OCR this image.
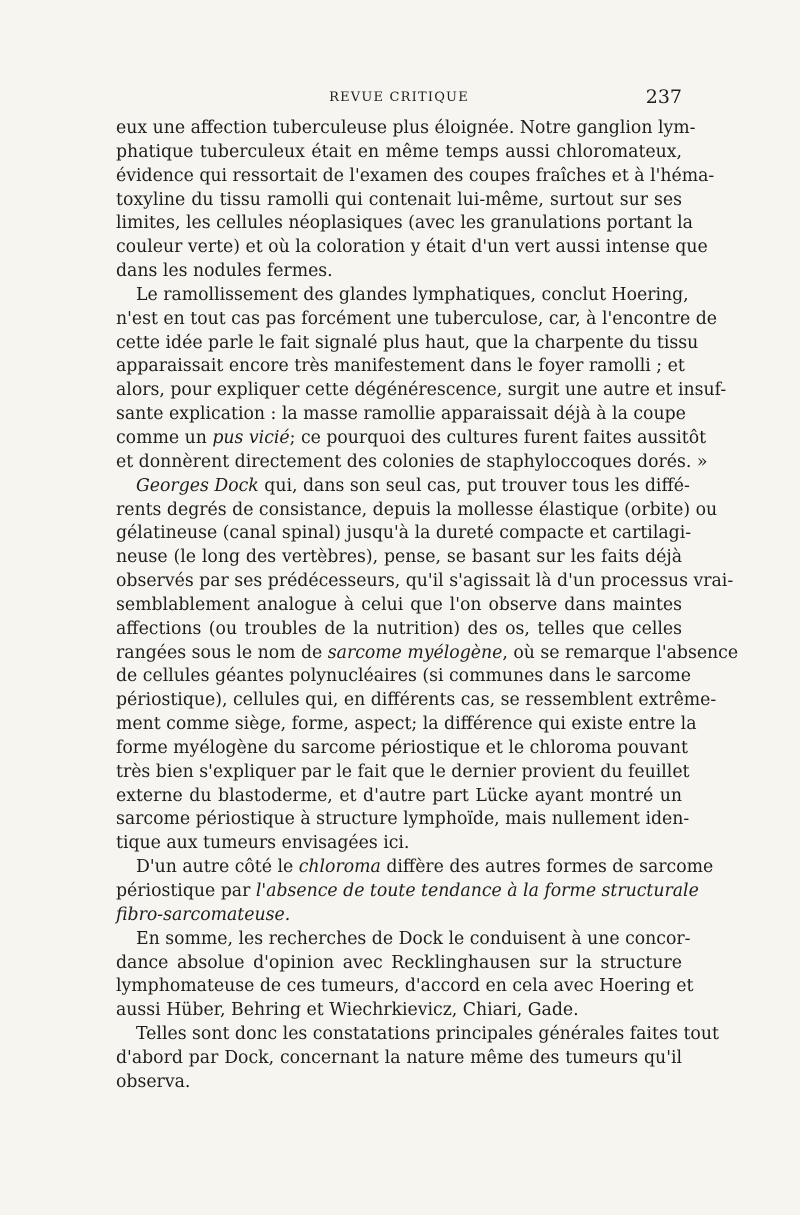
REVUE CRITIQUE	237

eux une affection tuberculeuse plus éloignée. Notre ganglion lym-
phatique tuberculeux était en même temps aussi chloromateux,
évidence qui ressortait de l'examen des coupes fraîches et à l'héma-
toxyline du tissu ramolli qui contenait lui-même, surtout sur ses
limites, les cellules néoplasiques (avec les granulations portant la
couleur verte) et où la coloration y était d'un vert aussi intense que
dans les nodules fermes.

Le ramollissement des glandes lymphatiques, conclut Hoering,
n'est en tout cas pas forcément une tuberculose, car, à l'encontre de
cette idée parle le fait signalé plus haut, que la charpente du tissu
apparaissait encore très manifestement dans le foyer ramolli ; et
alors, pour expliquer cette dégénérescence, surgit une autre et insuf-
sante explication : la masse ramollie apparaissait déjà à la coupe
comme un pus vicié; ce pourquoi des cultures furent faites aussitôt
et donnèrent directement des colonies de staphyloccoques dorés. »

Georges Dock qui, dans son seul cas, put trouver tous les diffé-
rents degrés de consistance, depuis la mollesse élastique (orbite) ou
gélatineuse (canal spinal) jusqu'à la dureté compacte et cartilagi-
neuse (le long des vertèbres), pense, se basant sur les faits déjà
observés par ses prédécesseurs, qu'il s'agissait là d'un processus vrai-
semblablement analogue à celui que l'on observe dans maintes
affections (ou troubles de la nutrition) des os, telles que celles
rangées sous le nom de sarcome myélogène, où se remarque l'absence
de cellules géantes polynucléaires (si communes dans le sarcome
périostique), cellules qui, en différents cas, se ressemblent extrême-
ment comme siège, forme, aspect; la différence qui existe entre la
forme myélogène du sarcome périostique et le chloroma pouvant
très bien s'expliquer par le fait que le dernier provient du feuillet
externe du blastoderme, et d'autre part Lücke ayant montré un
sarcome périostique à structure lymphoïde, mais nullement iden-
tique aux tumeurs envisagées ici.

D'un autre côté le chloroma diffère des autres formes de sarcome
périostique par l'absence de toute tendance à la forme structurale
fibro-sarcomateuse.

En somme, les recherches de Dock le conduisent à une concor-
dance absolue d'opinion avec Recklinghausen sur la structure
lymphomateuse de ces tumeurs, d'accord en cela avec Hoering et
aussi Hüber, Behring et Wiechrkievicz, Chiari, Gade.

Telles sont donc les constatations principales générales faites tout
d'abord par Dock, concernant la nature même des tumeurs qu'il
observa.
